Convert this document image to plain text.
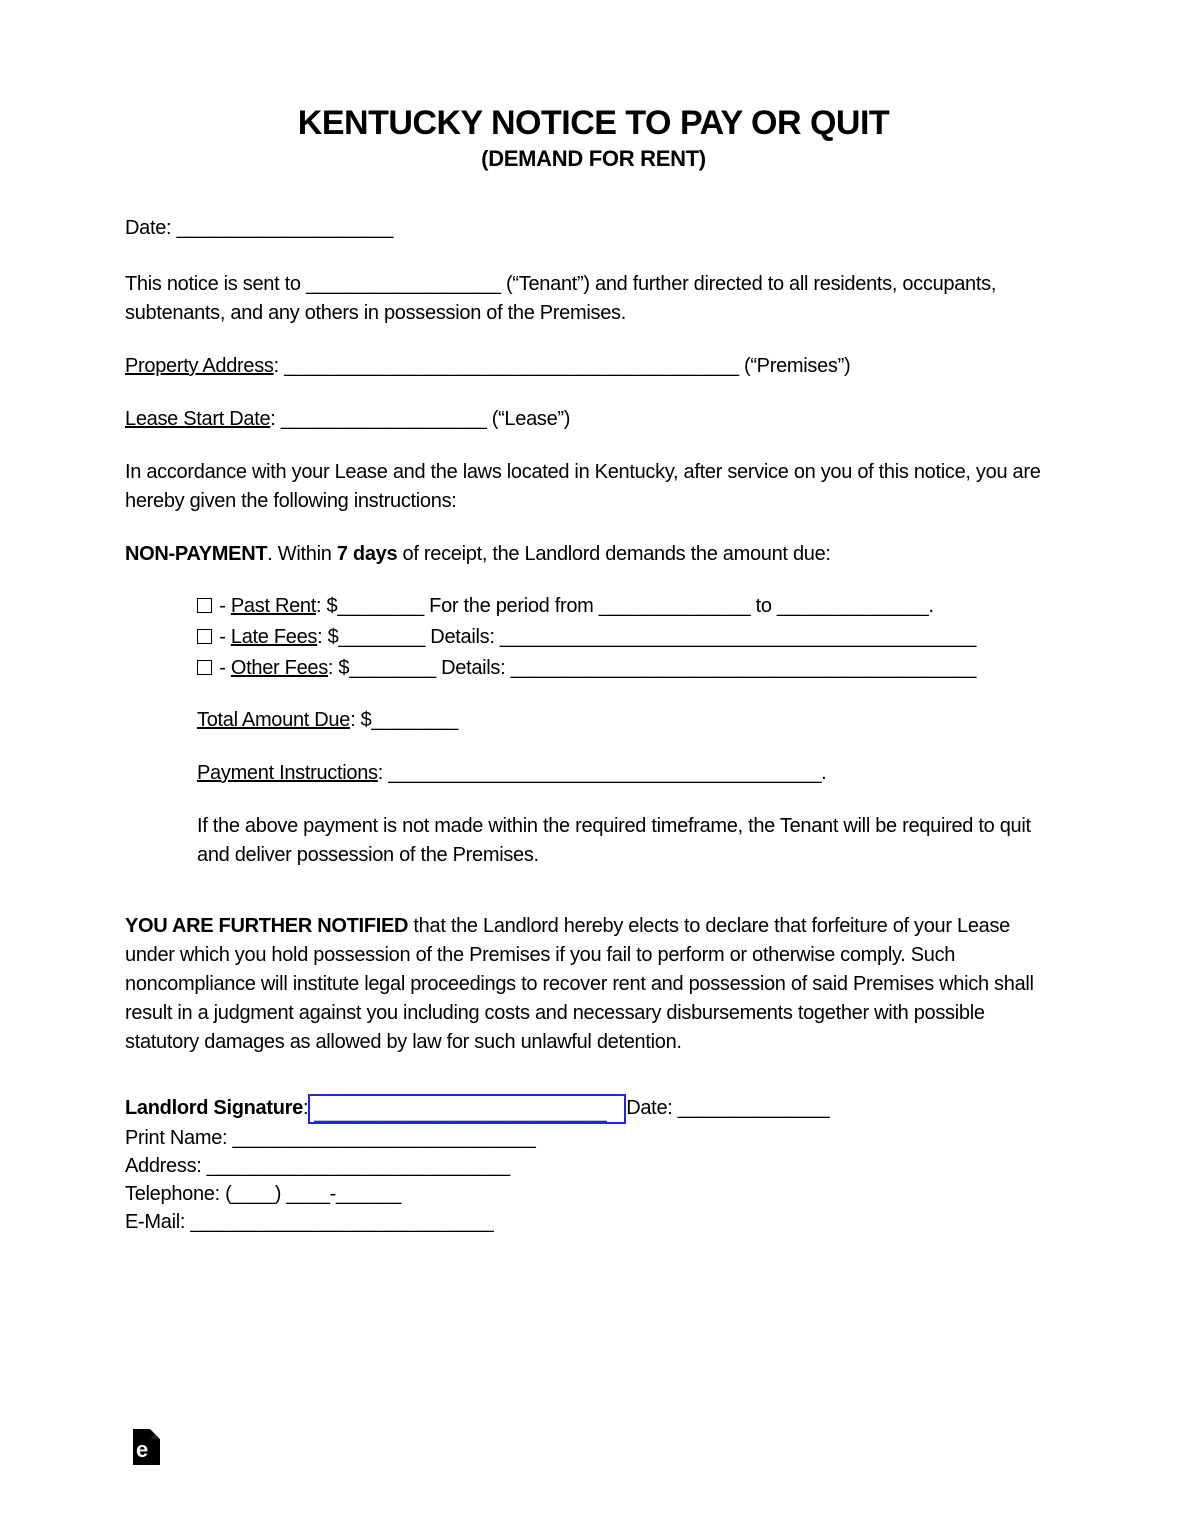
KENTUCKY NOTICE TO PAY OR QUIT
(DEMAND FOR RENT)

Date: ____________________

This notice is sent to __________________ (“Tenant”) and further directed to all residents, occupants, subtenants, and any others in possession of the Premises.

Property Address: __________________________________________ (“Premises”)

Lease Start Date: ___________________ (“Lease”)

In accordance with your Lease and the laws located in Kentucky, after service on you of this notice, you are hereby given the following instructions:

NON-PAYMENT. Within 7 days of receipt, the Landlord demands the amount due:

- Past Rent: $________ For the period from ______________ to ______________.
- Late Fees: $________ Details: ____________________________________________
- Other Fees: $________ Details: ___________________________________________

Total Amount Due: $________

Payment Instructions: ________________________________________.

If the above payment is not made within the required timeframe, the Tenant will be required to quit and deliver possession of the Premises.

YOU ARE FURTHER NOTIFIED that the Landlord hereby elects to declare that forfeiture of your Lease under which you hold possession of the Premises if you fail to perform or otherwise comply. Such noncompliance will institute legal proceedings to recover rent and possession of said Premises which shall result in a judgment against you including costs and necessary disbursements together with possible statutory damages as allowed by law for such unlawful detention.

Landlord Signature: ___________________________ Date: ______________
Print Name: ____________________________
Address: ____________________________
Telephone: (____) ____-______
E-Mail: ____________________________
e
